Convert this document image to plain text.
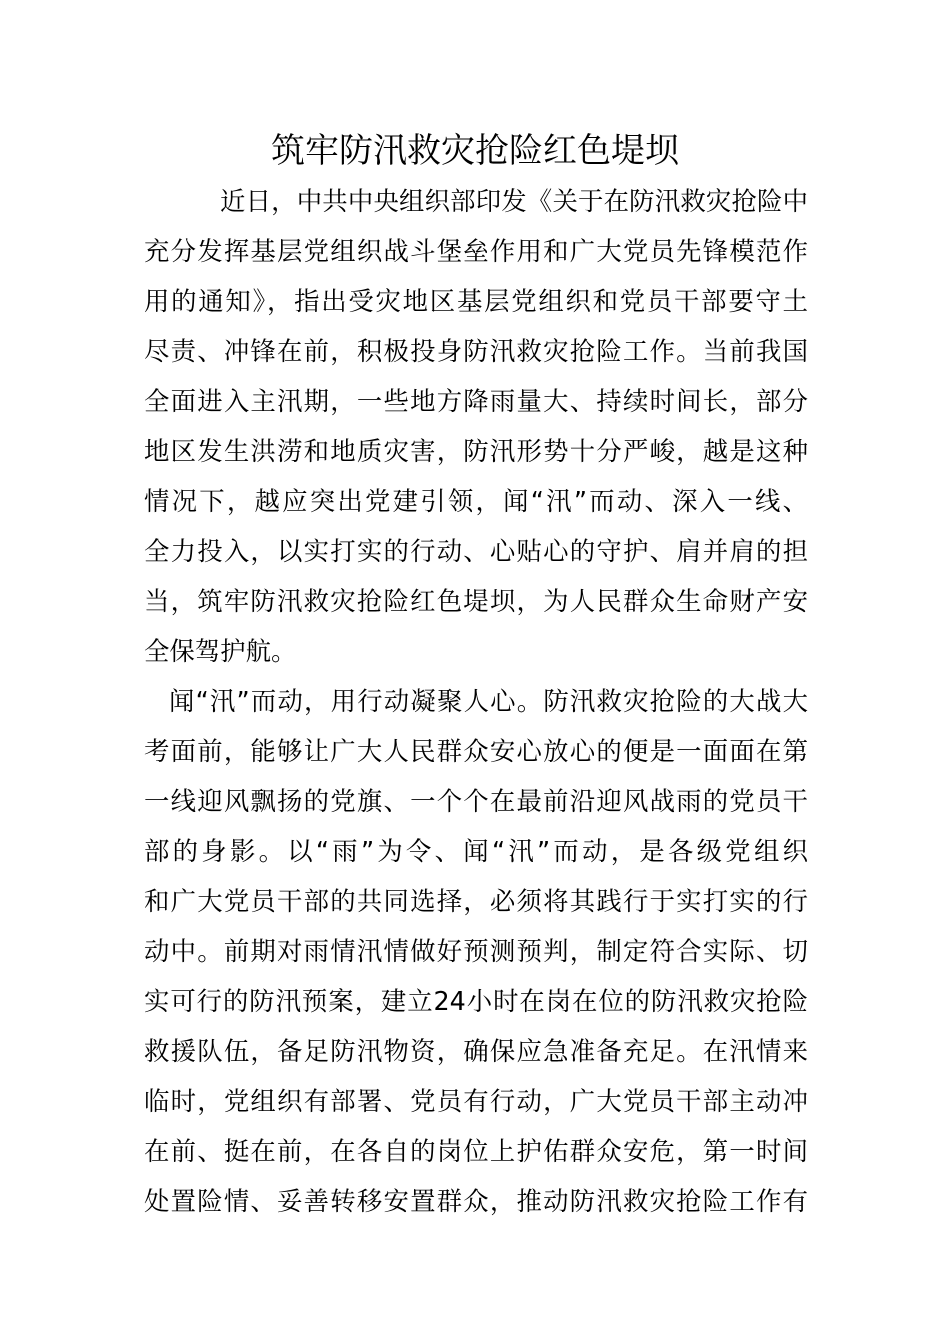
筑牢防汛救灾抢险红色堤坝
近日，中共中央组织部印发《关于在防汛救灾抢险中
充分发挥基层党组织战斗堡垒作用和广大党员先锋模范作
用的通知》，指出受灾地区基层党组织和党员干部要守土
尽责、冲锋在前，积极投身防汛救灾抢险工作。当前我国
全面进入主汛期，一些地方降雨量大、持续时间长，部分
地区发生洪涝和地质灾害，防汛形势十分严峻，越是这种
情况下，越应突出党建引领，闻“汛”而动、深入一线、
全力投入，以实打实的行动、心贴心的守护、肩并肩的担
当，筑牢防汛救灾抢险红色堤坝，为人民群众生命财产安
全保驾护航。
闻“汛”而动，用行动凝聚人心。防汛救灾抢险的大战大
考面前，能够让广大人民群众安心放心的便是一面面在第
一线迎风飘扬的党旗、一个个在最前沿迎风战雨的党员干
部的身影。以“雨”为令、闻“汛”而动，是各级党组织
和广大党员干部的共同选择，必须将其践行于实打实的行
动中。前期对雨情汛情做好预测预判，制定符合实际、切
实可行的防汛预案，建立24小时在岗在位的防汛救灾抢险
救援队伍，备足防汛物资，确保应急准备充足。在汛情来
临时，党组织有部署、党员有行动，广大党员干部主动冲
在前、挺在前，在各自的岗位上护佑群众安危，第一时间
处置险情、妥善转移安置群众，推动防汛救灾抢险工作有
